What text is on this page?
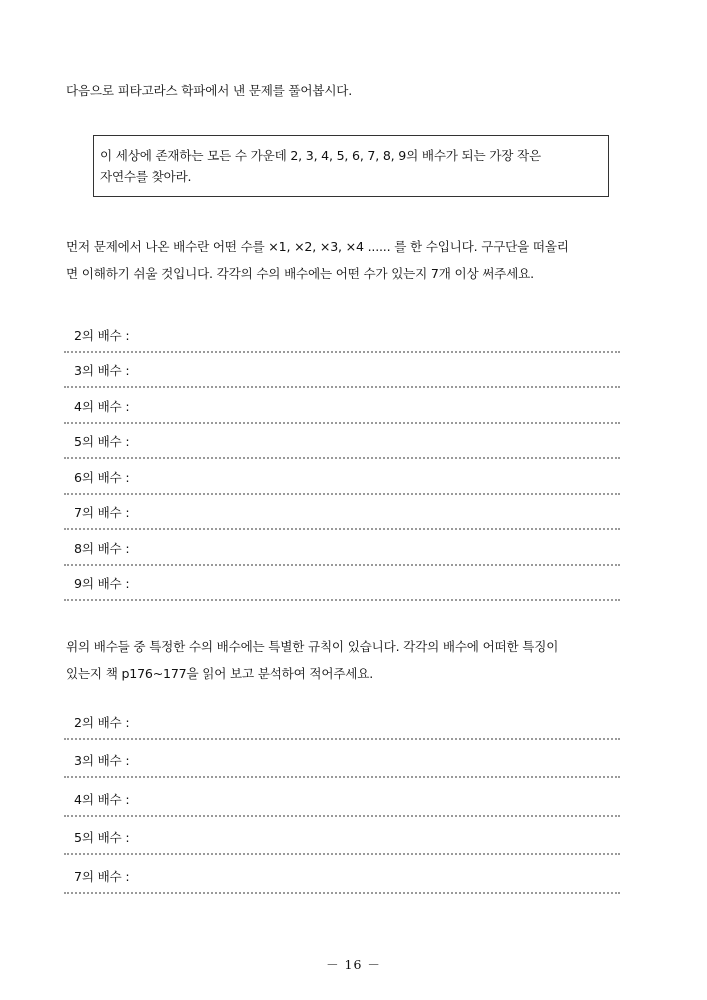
다음으로 피타고라스 학파에서 낸 문제를 풀어봅시다.

이 세상에 존재하는 모든 수 가운데 2, 3, 4, 5, 6, 7, 8, 9의 배수가 되는 가장 작은

자연수를 찾아라.

먼저 문제에서 나온 배수란 어떤 수를 ×1, ×2, ×3, ×4 ...... 를 한 수입니다. 구구단을 떠올리

면 이해하기 쉬울 것입니다. 각각의 수의 배수에는 어떤 수가 있는지 7개 이상 써주세요.

2의 배수 :
3의 배수 :
4의 배수 :
5의 배수 :
6의 배수 :
7의 배수 :
8의 배수 :
9의 배수 :

위의 배수들 중 특정한 수의 배수에는 특별한 규칙이 있습니다. 각각의 배수에 어떠한 특징이

있는지 책 p176~177을 읽어 보고 분석하여 적어주세요.

2의 배수 :
3의 배수 :
4의 배수 :
5의 배수 :
7의 배수 :
－ 16 －
